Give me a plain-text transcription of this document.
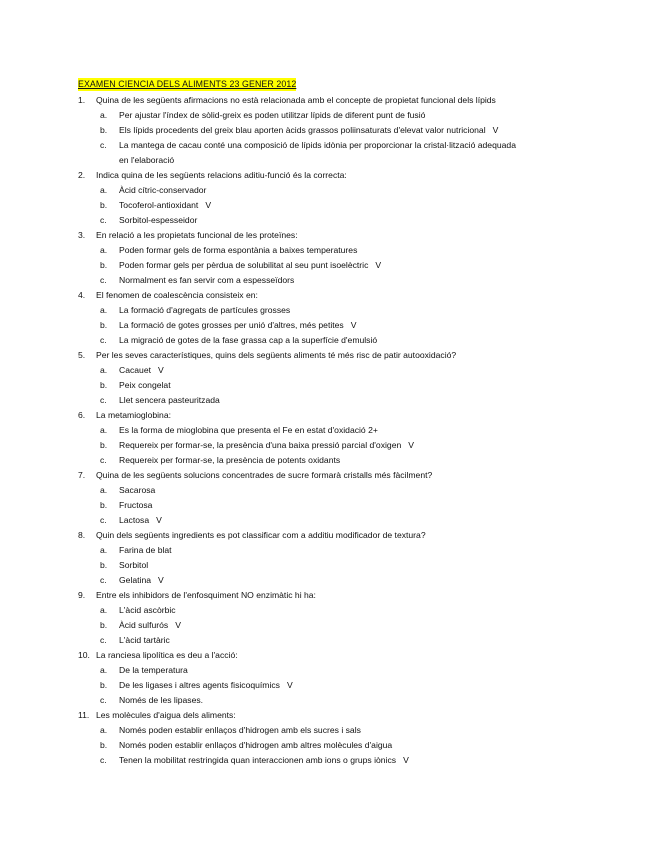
EXAMEN CIENCIA DELS ALIMENTS 23 GENER 2012
1. Quina de les següents afirmacions no està relacionada amb el concepte de propietat funcional dels lípids
a. Per ajustar l'índex de sòlid-greix es poden utilitzar lípids de diferent punt de fusió
b. Els lípids procedents del greix blau aporten àcids grassos poliinsaturats d'elevat valor nutricional V
c. La mantega de cacau conté una composició de lípids idònia per proporcionar la cristal·lització adequada
en l'elaboració
2. Indica quina de les següents relacions aditiu-funció és la correcta:
a. Àcid cítric-conservador
b. Tocoferol-antioxidant V
c. Sorbitol-espesseidor
3. En relació a les propietats funcional de les proteïnes:
a. Poden formar gels de forma espontània a baixes temperatures
b. Poden formar gels per pèrdua de solubilitat al seu punt isoelèctric V
c. Normalment es fan servir com a espesseïdors
4. El fenomen de coalescència consisteix en:
a. La formació d'agregats de partícules grosses
b. La formació de gotes grosses per unió d'altres, més petites V
c. La migració de gotes de la fase grassa cap a la superfície d'emulsió
5. Per les seves característiques, quins dels següents aliments té més risc de patir autooxidació?
a. Cacauet V
b. Peix congelat
c. Llet sencera pasteuritzada
6. La metamioglobina:
a. Es la forma de mioglobina que presenta el Fe en estat d'oxidació 2+
b. Requereix per formar-se, la presència d'una baixa pressió parcial d'oxigen V
c. Requereix per formar-se, la presència de potents oxidants
7. Quina de les següents solucions concentrades de sucre formarà cristalls més fàcilment?
a. Sacarosa
b. Fructosa
c. Lactosa V
8. Quin dels següents ingredients es pot classificar com a additiu modificador de textura?
a. Farina de blat
b. Sorbitol
c. Gelatina V
9. Entre els inhibidors de l'enfosquiment NO enzimàtic hi ha:
a. L'àcid ascòrbic
b. Àcid sulfurós V
c. L'àcid tartàric
10. La ranciesa lipolítica es deu a l'acció:
a. De la temperatura
b. De les ligases i altres agents fisicoquímics V
c. Només de les lipases.
11. Les molècules d'aigua dels aliments:
a. Només poden establir enllaços d'hidrogen amb els sucres i sals
b. Només poden establir enllaços d'hidrogen amb altres molècules d'aigua
c. Tenen la mobilitat restringida quan interaccionen amb ions o grups iònics V
